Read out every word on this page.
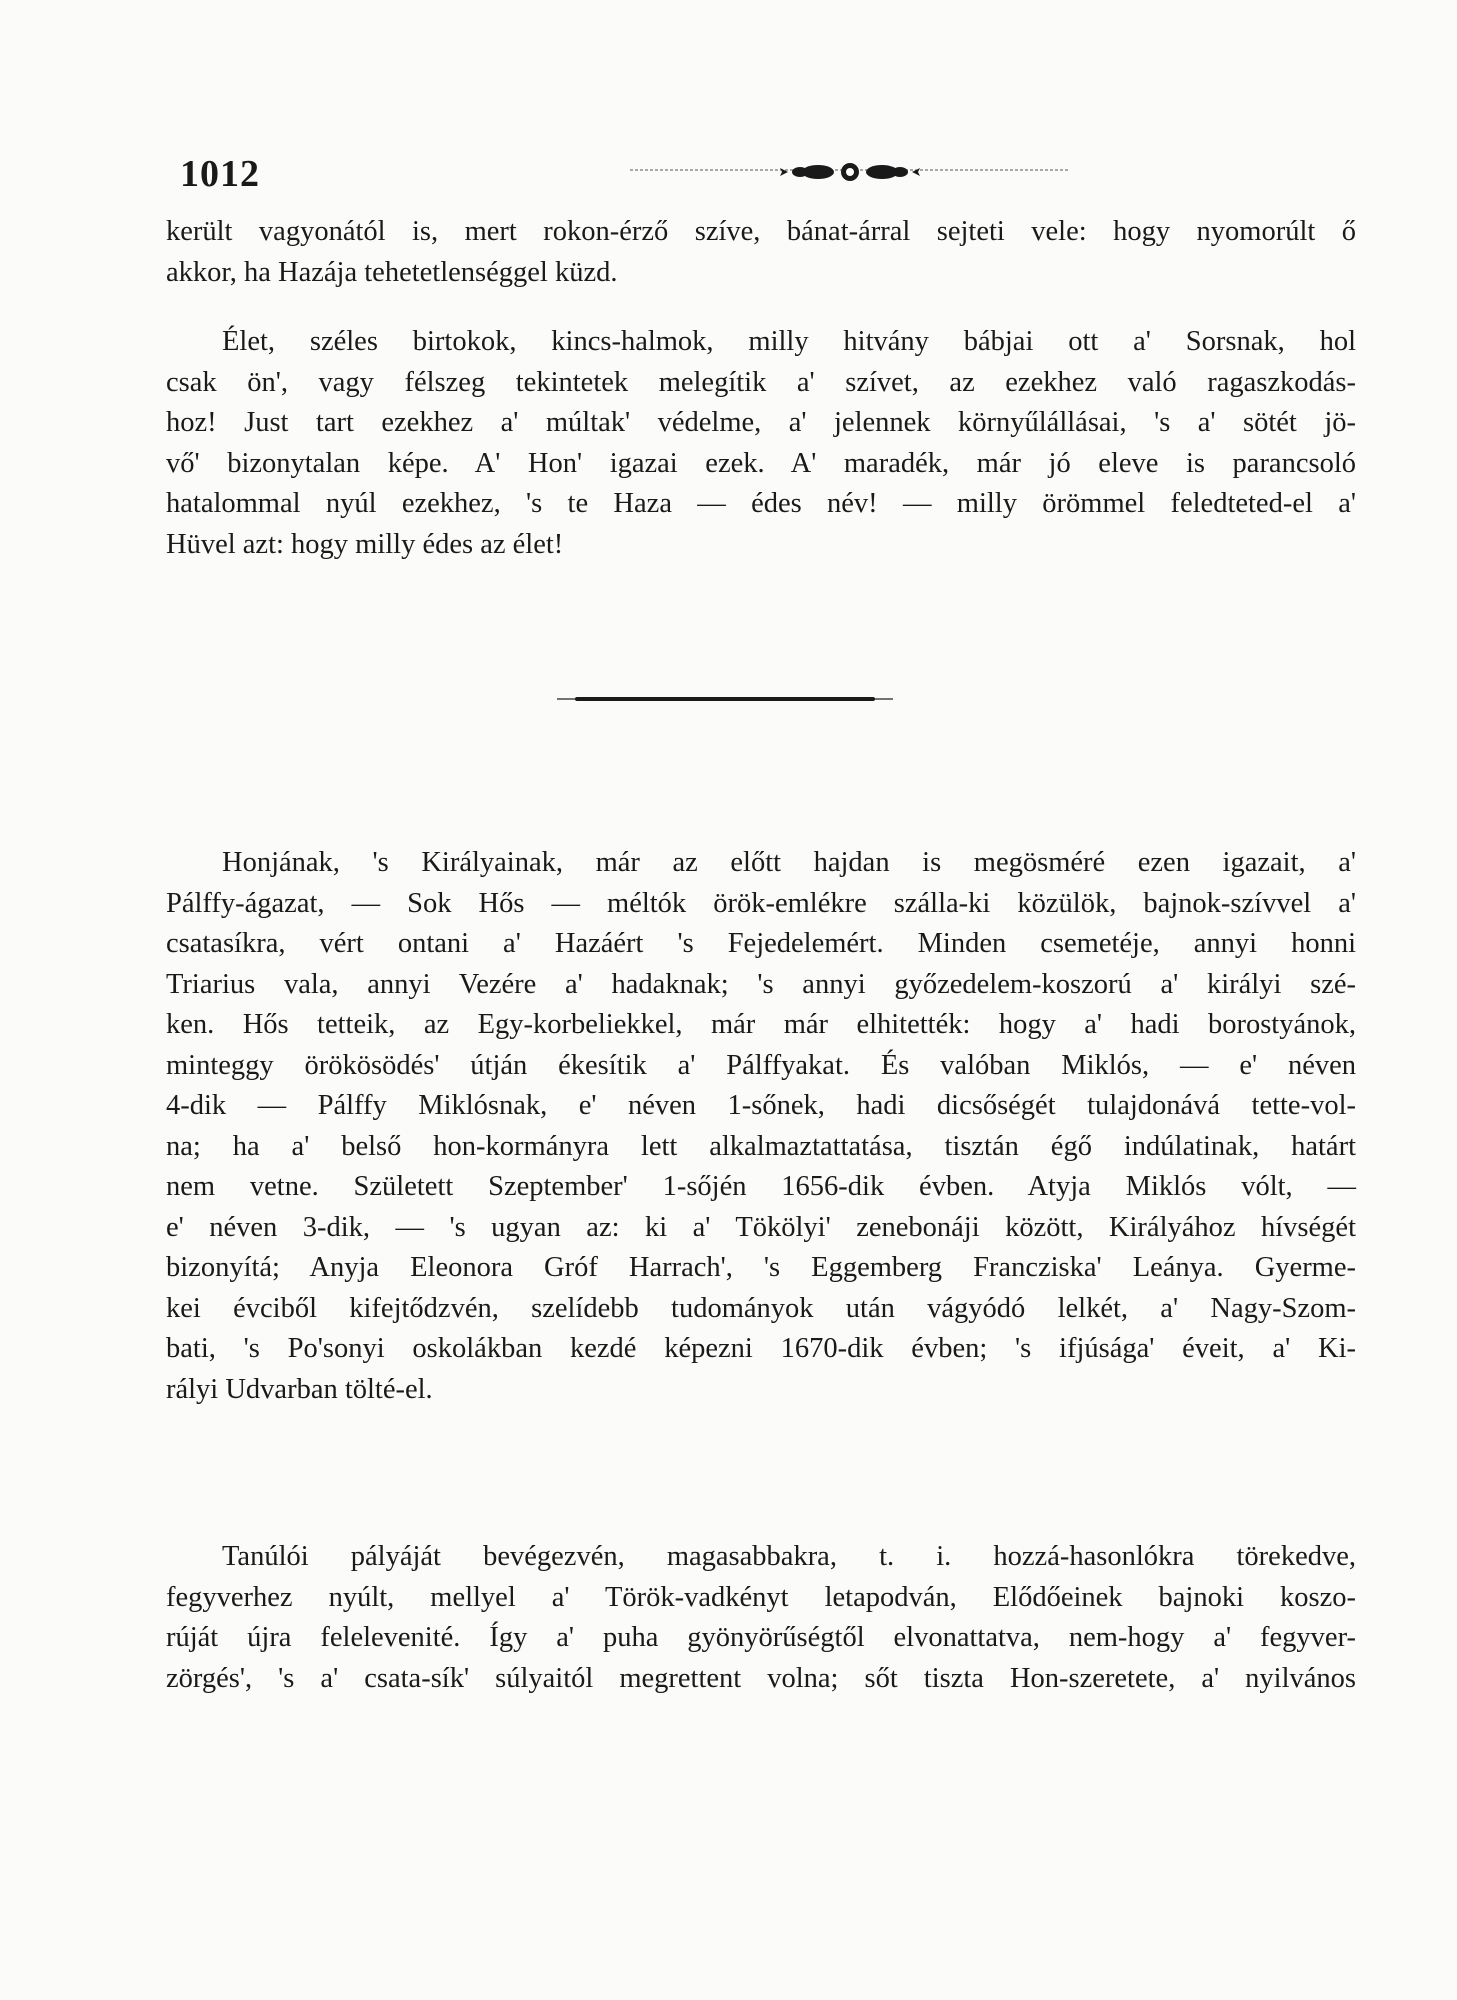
1012
került vagyonától is, mert rokon-érző szíve, bánat-árral sejteti vele: hogy nyomorúlt ő
akkor, ha Hazája tehetetlenséggel küzd.
Élet, széles birtokok, kincs-halmok, milly hitvány bábjai ott a' Sorsnak, hol
csak ön', vagy félszeg tekintetek melegítik a' szívet, az ezekhez való ragaszkodás-
hoz! Just tart ezekhez a' múltak' védelme, a' jelennek környűlállásai, 's a' sötét jö-
vő' bizonytalan képe. A' Hon' igazai ezek. A' maradék, már jó eleve is parancsoló
hatalommal nyúl ezekhez, 's te Haza — édes név! — milly örömmel feledteted-el a'
Hüvel azt: hogy milly édes az élet!
Honjának, 's Királyainak, már az előtt hajdan is megösméré ezen igazait, a'
Pálffy-ágazat, — Sok Hős — méltók örök-emlékre szálla-ki közülök, bajnok-szívvel a'
csatasíkra, vért ontani a' Hazáért 's Fejedelemért. Minden csemetéje, annyi honni
Triarius vala, annyi Vezére a' hadaknak; 's annyi győzedelem-koszorú a' királyi szé-
ken. Hős tetteik, az Egy-korbeliekkel, már már elhitették: hogy a' hadi borostyánok,
minteggy örökösödés' útján ékesítik a' Pálffyakat. És valóban Miklós, — e' néven
4-dik — Pálffy Miklósnak, e' néven 1-sőnek, hadi dicsőségét tulajdonává tette-vol-
na; ha a' belső hon-kormányra lett alkalmaztattatása, tisztán égő indúlatinak, határt
nem vetne. Született Szeptember' 1-sőjén 1656-dik évben. Atyja Miklós vólt, —
e' néven 3-dik, — 's ugyan az: ki a' Tökölyi' zenebonáji között, Királyához hívségét
bizonyítá; Anyja Eleonora Gróf Harrach', 's Eggemberg Francziska' Leánya. Gyermе-
kei évciből kifejtődzvén, szelídebb tudományok után vágyódó lelkét, a' Nagy-Szom-
bati, 's Po'sonyi oskolákban kezdé képezni 1670-dik évben; 's ifjúsága' éveit, a' Ki-
rályi Udvarban tölté-el.
Tanúlói pályáját bevégezvén, magasabbakra, t. i. hozzá-hasonlókra törekedve,
fegyverhez nyúlt, mellyel a' Török-vadkényt letapodván, Elődőeinek bajnoki koszo-
rúját újra felelevenité. Így a' puha gyönyörűségtől elvonattatva, nem-hogy a' fegyver-
zörgés', 's a' csata-sík' súlyaitól megrettent volna; sőt tiszta Hon-szeretete, a' nyilvános
